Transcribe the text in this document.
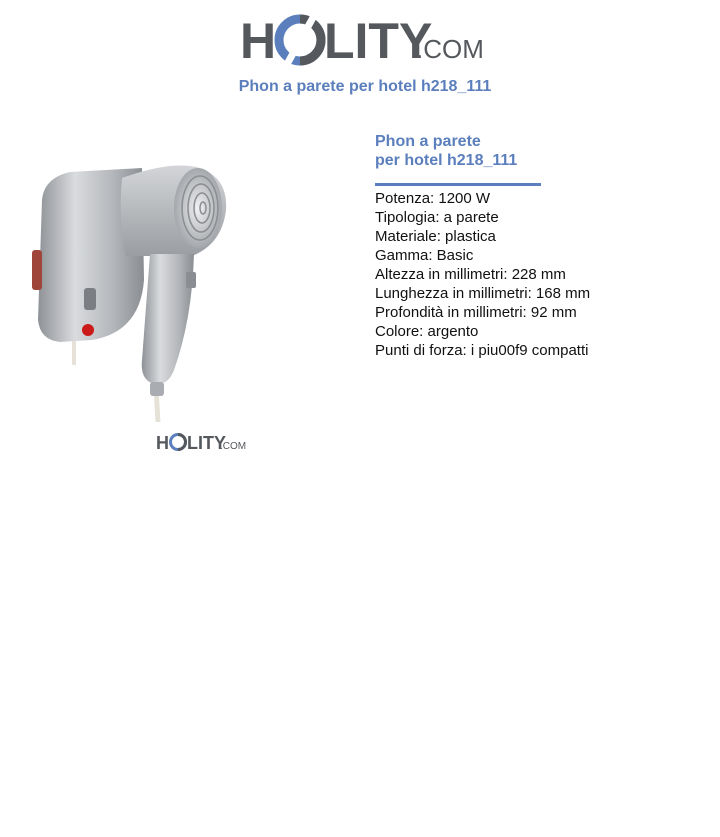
H LITY
.COM
Phon a parete per hotel h218_111
H LITY
.COM
Phon a parete
per hotel h218_111
Potenza: 1200 W
Tipologia: a parete
Materiale: plastica
Gamma: Basic
Altezza in millimetri: 228 mm
Lunghezza in millimetri: 168 mm
Profondità in millimetri: 92 mm
Colore: argento
Punti di forza: i piu00f9 compatti
